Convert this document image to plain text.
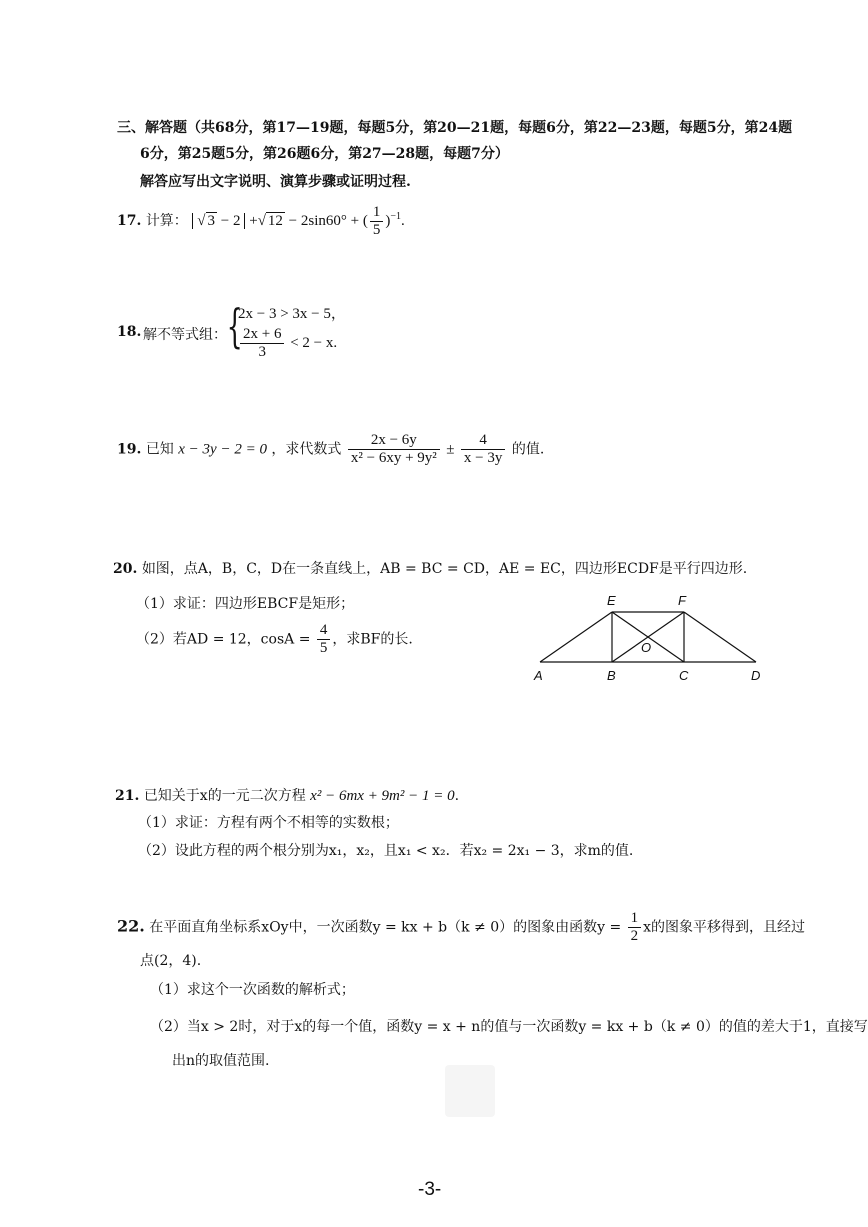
三、解答题（共68分，第17—19题，每题5分，第20—21题，每题6分，第22—23题，每题5分，第24题
6分，第25题5分，第26题6分，第27—28题，每题7分）
解答应写出文字说明、演算步骤或证明过程.
17. 计算： √ 3 − 2 +√ 12 − 2sin60° + ( $\frac{1}{5} )^{-1}$.
18. 解不等式组： {
2x − 3 > 3x − 5，
$\frac{2x + 6}{3} < 2 - x$.
19. 已知 x − 3y − 2 = 0 ，求代数式 $\frac{2x - 6y}{\text{x² − 6xy + 9y²}} \pm \frac{4}{x - 3y}$ 的值.
20. 如图，点A，B，C，D在一条直线上，AB = BC = CD，AE = EC，四边形ECDF是平行四边形.
（1）求证：四边形EBCF是矩形；
（2）若AD = 12，$\cos A = \frac{4}{5}$ ，求BF的长.
A	B	C	D
E	F
O
21. 已知关于x的一元二次方程 x² − 6mx + 9m² − 1 = 0.
（1）求证：方程有两个不相等的实数根；
（2）设此方程的两个根分别为x₁，x₂，且x₁ < x₂．若x₂ = 2x₁ − 3，求m的值.
22. 在平面直角坐标系xOy中，一次函数y = kx + b（k ≠ 0）的图象由函数$y = \frac{1}{2}$ x的图象平移得到，且经过
点(2，4).
（1）求这个一次函数的解析式；
（2）当x > 2时，对于x的每一个值，函数y = x + n的值与一次函数y = kx + b（k ≠ 0）的值的差大于1，直接写
出n的取值范围.
-3-
